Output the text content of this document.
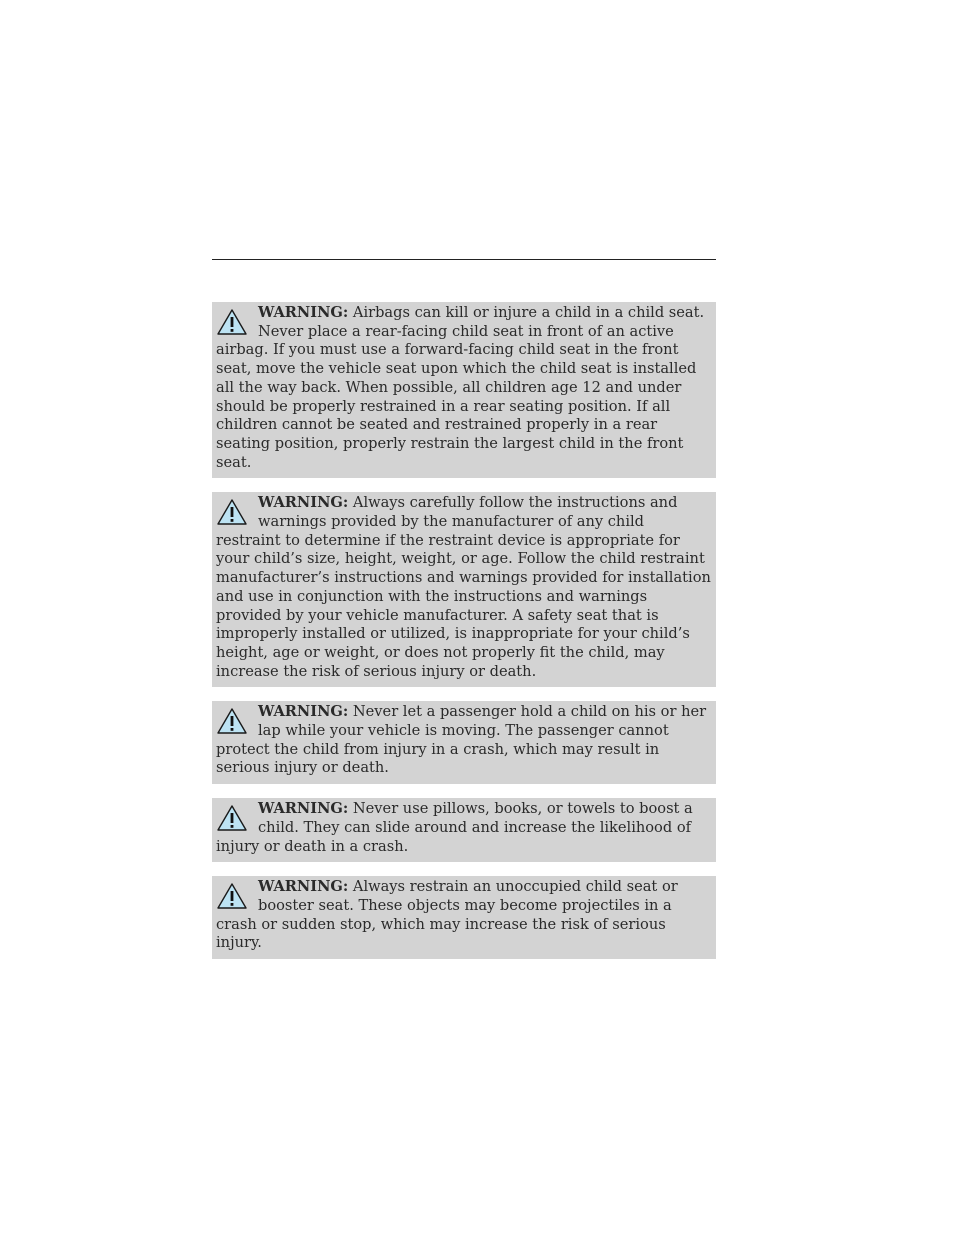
WARNING: Airbags can kill or injure a child in a child seat. Never place a rear-facing child seat in front of an active airbag. If you must use a forward-facing child seat in the front seat, move the vehicle seat upon which the child seat is installed all the way back. When possible, all children age 12 and under should be properly restrained in a rear seating position. If all children cannot be seated and restrained properly in a rear seating position, properly restrain the largest child in the front seat.
WARNING: Always carefully follow the instructions and warnings provided by the manufacturer of any child restraint to determine if the restraint device is appropriate for your child’s size, height, weight, or age. Follow the child restraint manufacturer’s instructions and warnings provided for installation and use in conjunction with the instructions and warnings provided by your vehicle manufacturer. A safety seat that is improperly installed or utilized, is inappropriate for your child’s height, age or weight, or does not properly fit the child, may increase the risk of serious injury or death.
WARNING: Never let a passenger hold a child on his or her lap while your vehicle is moving. The passenger cannot protect the child from injury in a crash, which may result in serious injury or death.
WARNING: Never use pillows, books, or towels to boost a child. They can slide around and increase the likelihood of injury or death in a crash.
WARNING: Always restrain an unoccupied child seat or booster seat. These objects may become projectiles in a crash or sudden stop, which may increase the risk of serious injury.
